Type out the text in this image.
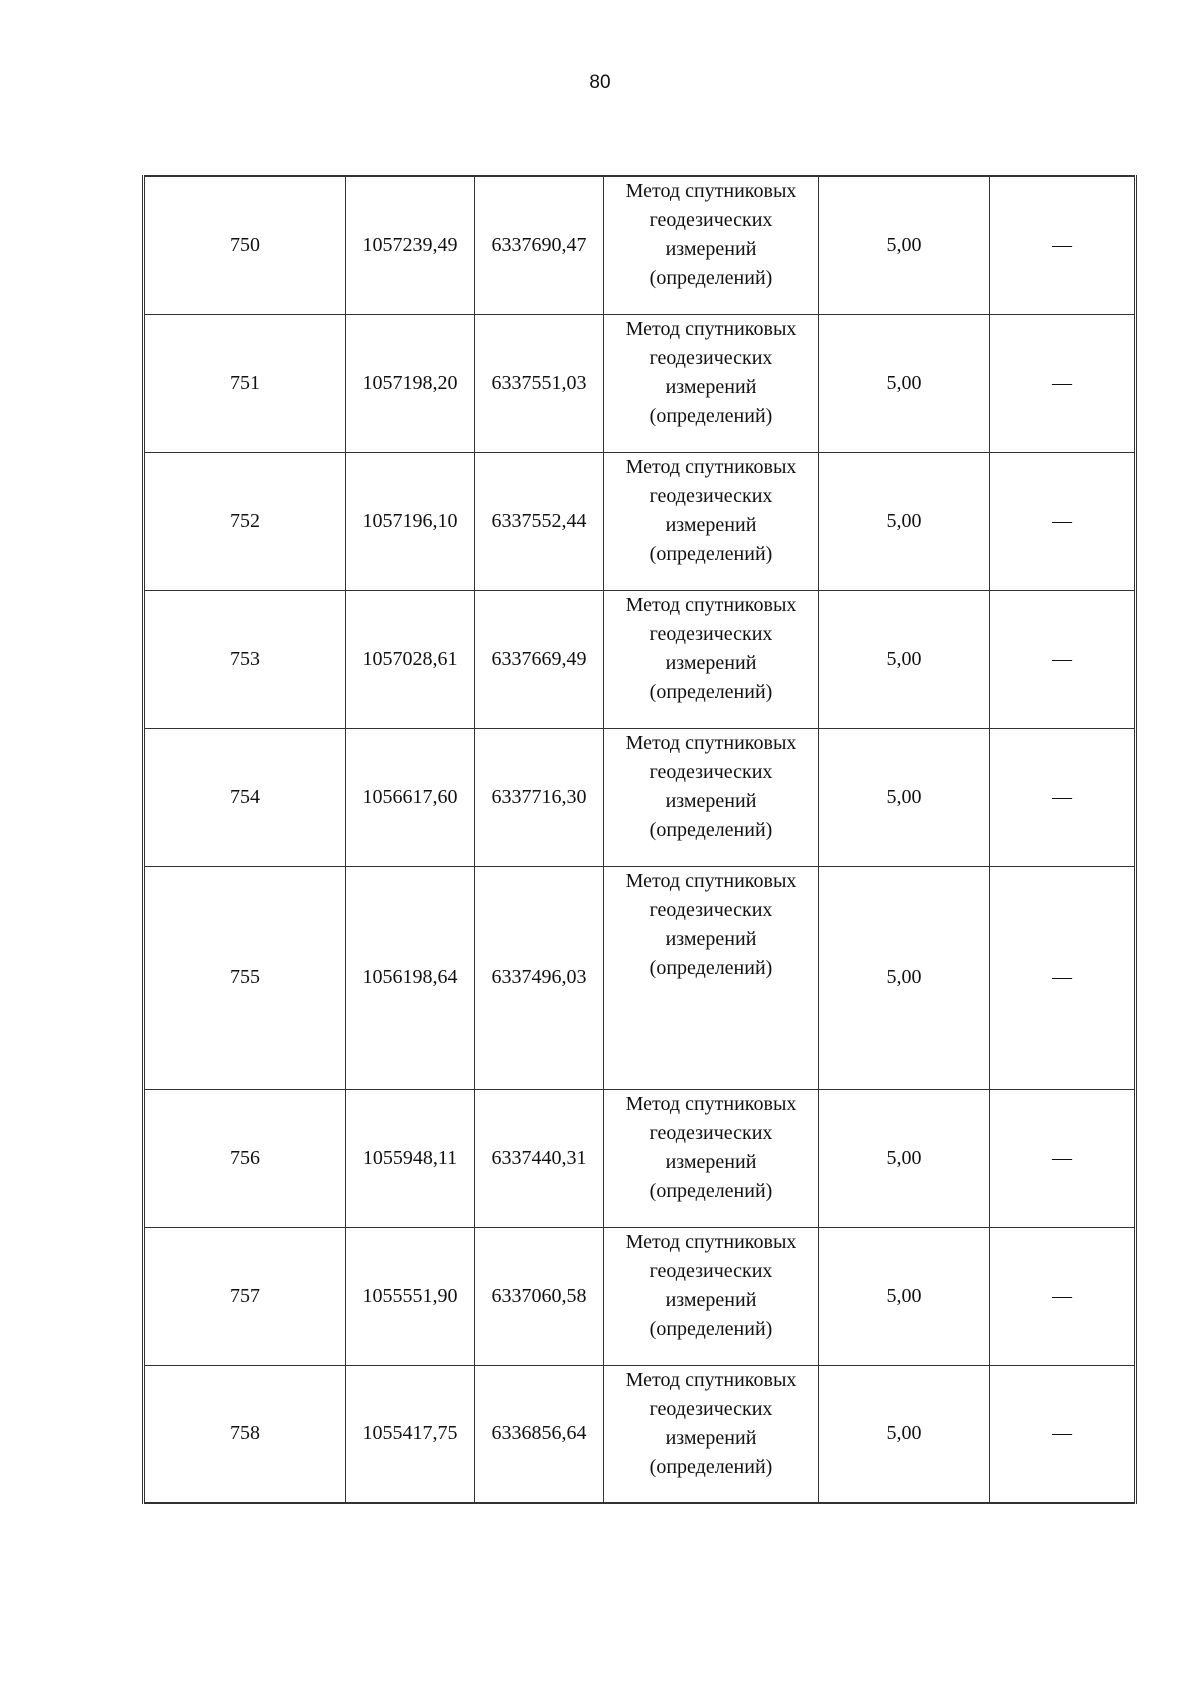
80
750	1057239,49	6337690,47	Метод спутниковых
геодезических
измерений
(определений)	5,00	—
751	1057198,20	6337551,03	Метод спутниковых
геодезических
измерений
(определений)	5,00	—
752	1057196,10	6337552,44	Метод спутниковых
геодезических
измерений
(определений)	5,00	—
753	1057028,61	6337669,49	Метод спутниковых
геодезических
измерений
(определений)	5,00	—
754	1056617,60	6337716,30	Метод спутниковых
геодезических
измерений
(определений)	5,00	—
755	1056198,64	6337496,03	Метод спутниковых
геодезических
измерений
(определений)	5,00	—
756	1055948,11	6337440,31	Метод спутниковых
геодезических
измерений
(определений)	5,00	—
757	1055551,90	6337060,58	Метод спутниковых
геодезических
измерений
(определений)	5,00	—
758	1055417,75	6336856,64	Метод спутниковых
геодезических
измерений
(определений)	5,00	—
